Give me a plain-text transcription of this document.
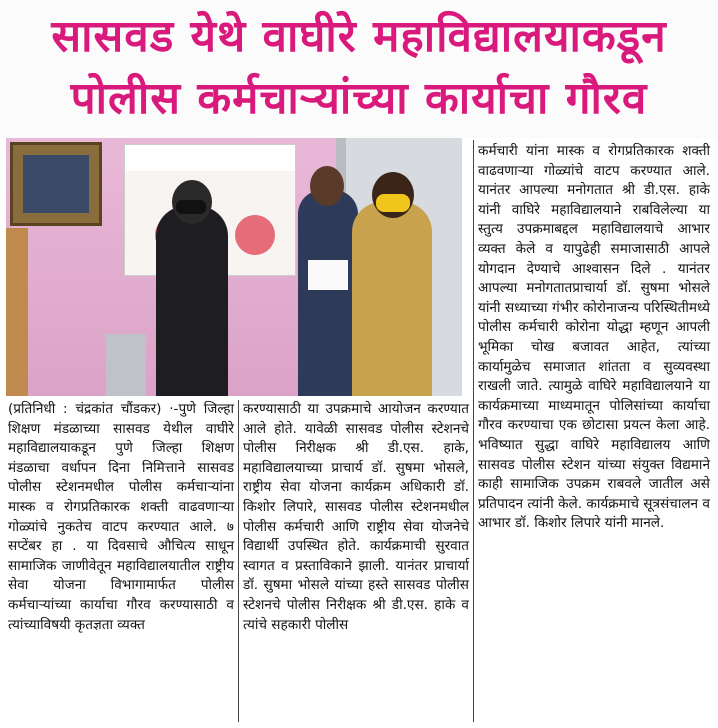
सासवड येथे वाघीरे महाविद्यालयाकडून
पोलीस कर्मचाऱ्यांच्या कार्याचा गौरव

(प्रतिनिधी : चंद्रकांत चौंडकर) ·-पुणे जिल्हा शिक्षण मंडळाच्या सासवड येथील वाघीरे महाविद्यालयाकडून पुणे जिल्हा शिक्षण मंडळाचा वर्धापन दिना निमित्ताने सासवड पोलीस स्टेशनमधील पोलीस कर्मचाऱ्यांना मास्क व रोगप्रतिकारक शक्ती वाढवणाऱ्या गोळ्यांचे नुकतेच वाटप करण्यात आले. ७ सप्टेंबर हा . या दिवसाचे औचित्य साधून सामाजिक जाणीवेतून महाविद्यालयातील राष्ट्रीय सेवा योजना विभागामार्फत पोलीस कर्मचाऱ्यांच्या कार्याचा गौरव करण्यासाठी व त्यांच्याविषयी कृतज्ञता व्यक्त

करण्यासाठी या उपक्रमाचे आयोजन करण्यात आले होते. यावेळी सासवड पोलीस स्टेशनचे पोलीस निरीक्षक श्री डी.एस. हाके, महाविद्यालयाच्या प्राचार्य डॉ. सुषमा भोसले, राष्ट्रीय सेवा योजना कार्यक्रम अधिकारी डॉ. किशोर लिपारे, सासवड पोलीस स्टेशनमधील पोलीस कर्मचारी आणि राष्ट्रीय सेवा योजनेचे विद्यार्थी उपस्थित होते. कार्यक्रमाची सुरवात स्वागत व प्रस्ताविकाने झाली. यानंतर प्राचार्या डॉ. सुषमा भोसले यांच्या हस्ते सासवड पोलीस स्टेशनचे पोलीस निरीक्षक श्री डी.एस. हाके व त्यांचे सहकारी पोलीस

कर्मचारी यांना मास्क व रोगप्रतिकारक शक्ती वाढवणाऱ्या गोळ्यांचे वाटप करण्यात आले. यानंतर आपल्या मनोगतात श्री डी.एस. हाके यांनी वाघिरे महाविद्यालयाने राबविलेल्या या स्तुत्य उपक्रमाबद्दल महाविद्यालयाचे आभार व्यक्त केले व यापुढेही समाजासाठी आपले योगदान देण्याचे आश्वासन दिले . यानंतर आपल्या मनोगतातप्राचार्या डॉ. सुषमा भोसले यांनी सध्याच्या गंभीर कोरोनाजन्य परिस्थितीमध्ये पोलीस कर्मचारी कोरोना योद्धा म्हणून आपली भूमिका चोख बजावत आहेत, त्यांच्या कार्यामुळेच समाजात शांतता व सुव्यवस्था राखली जाते. त्यामुळे वाघिरे महाविद्यालयाने या कार्यक्रमाच्या माध्यमातून पोलिसांच्या कार्याचा गौरव करण्याचा एक छोटासा प्रयत्न केला आहे. भविष्यात सुद्धा वाघिरे महाविद्यालय आणि सासवड पोलीस स्टेशन यांच्या संयुक्त विद्यमाने काही सामाजिक उपक्रम राबवले जातील असे प्रतिपादन त्यांनी केले. कार्यक्रमाचे सूत्रसंचालन व आभार डॉ. किशोर लिपारे यांनी मानले.
